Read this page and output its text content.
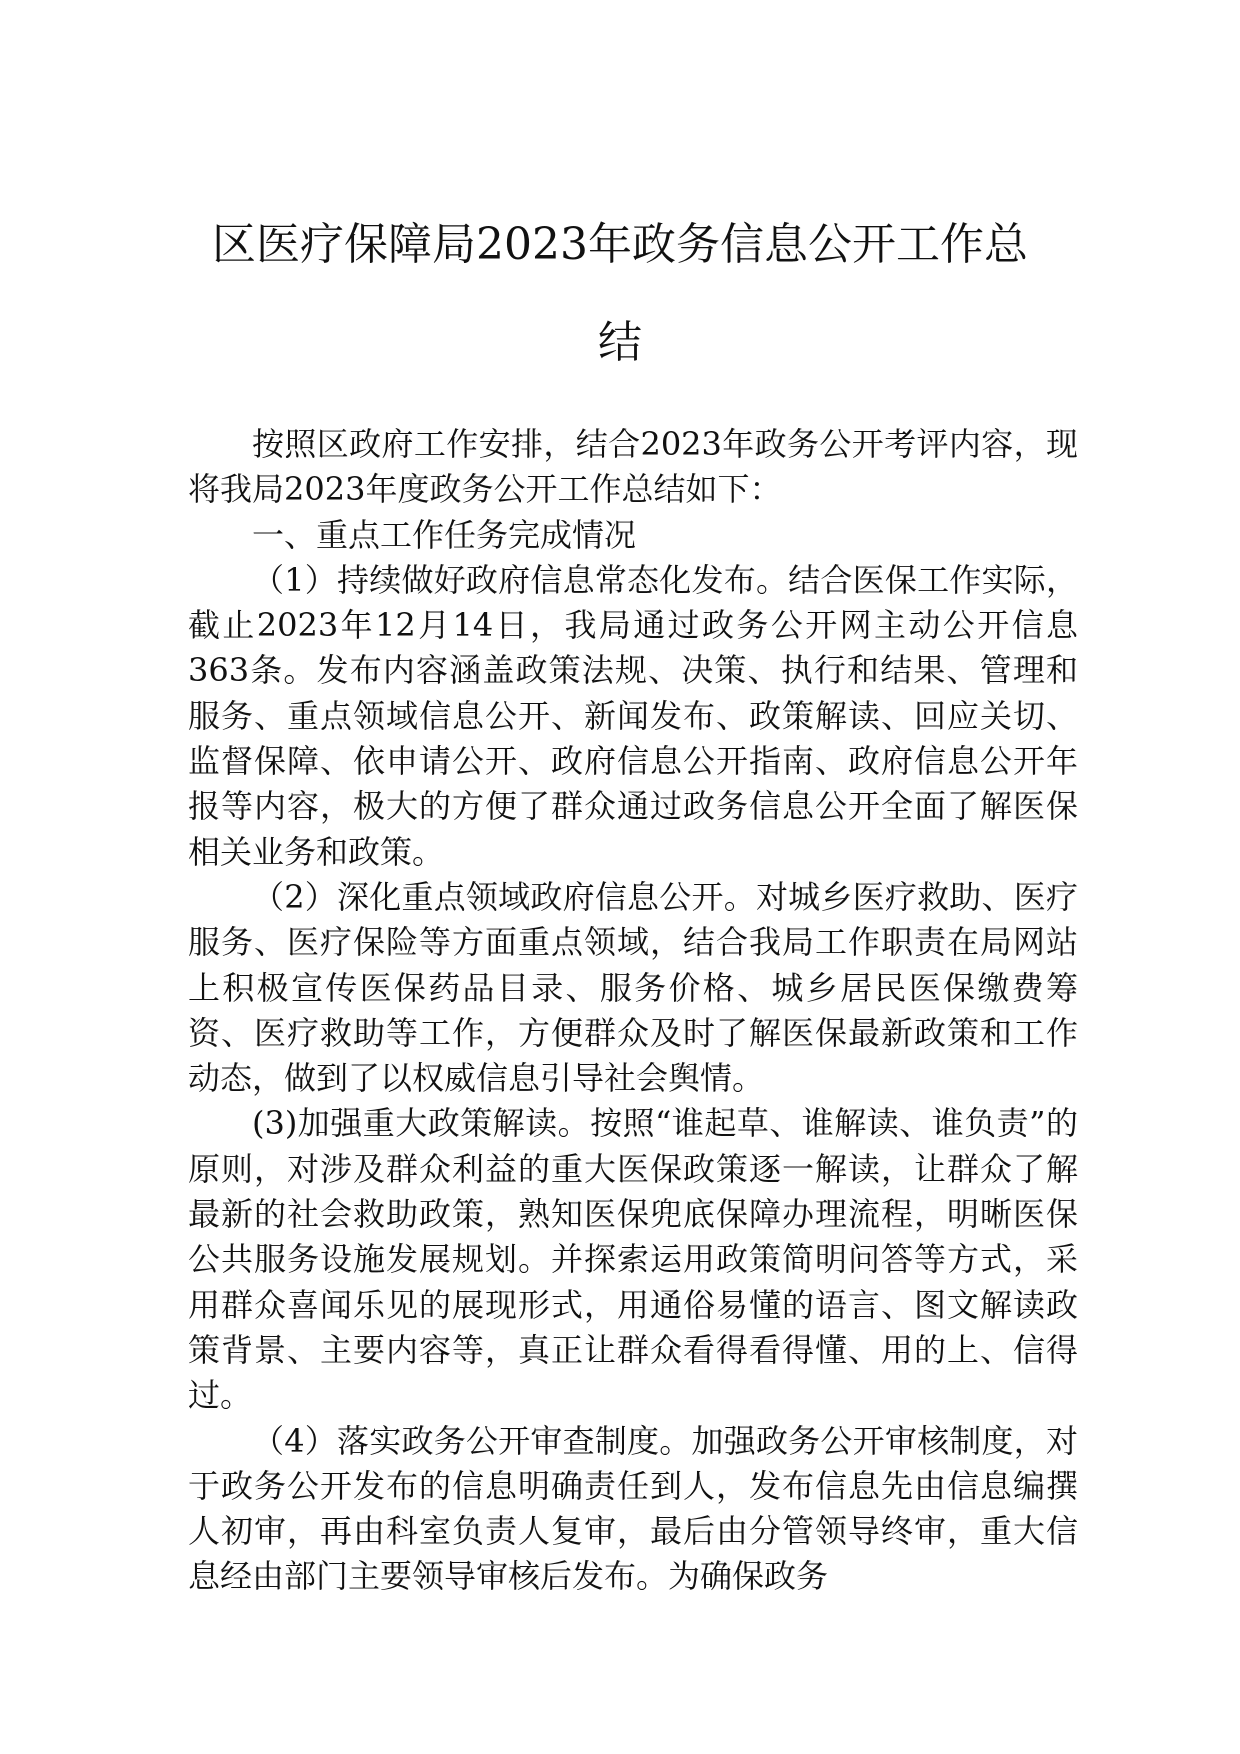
区医疗保障局2023年政务信息公开工作总
结

按照区政府工作安排，结合2023年政务公开考评内容，现将我局2023年度政务公开工作总结如下：

一、重点工作任务完成情况

（1）持续做好政府信息常态化发布。结合医保工作实际，截止2023年12月14日，我局通过政务公开网主动公开信息363条。发布内容涵盖政策法规、决策、执行和结果、管理和服务、重点领域信息公开、新闻发布、政策解读、回应关切、监督保障、依申请公开、政府信息公开指南、政府信息公开年报等内容，极大的方便了群众通过政务信息公开全面了解医保相关业务和政策。

（2）深化重点领域政府信息公开。对城乡医疗救助、医疗服务、医疗保险等方面重点领域，结合我局工作职责在局网站上积极宣传医保药品目录、服务价格、城乡居民医保缴费筹资、医疗救助等工作，方便群众及时了解医保最新政策和工作动态，做到了以权威信息引导社会舆情。

(3)加强重大政策解读。按照“谁起草、谁解读、谁负责”的原则，对涉及群众利益的重大医保政策逐一解读，让群众了解最新的社会救助政策，熟知医保兜底保障办理流程，明晰医保公共服务设施发展规划。并探索运用政策简明问答等方式，采用群众喜闻乐见的展现形式，用通俗易懂的语言、图文解读政策背景、主要内容等，真正让群众看得看得懂、用的上、信得过。

（4）落实政务公开审查制度。加强政务公开审核制度，对于政务公开发布的信息明确责任到人，发布信息先由信息编撰人初审，再由科室负责人复审，最后由分管领导终审，重大信息经由部门主要领导审核后发布。为确保政务
